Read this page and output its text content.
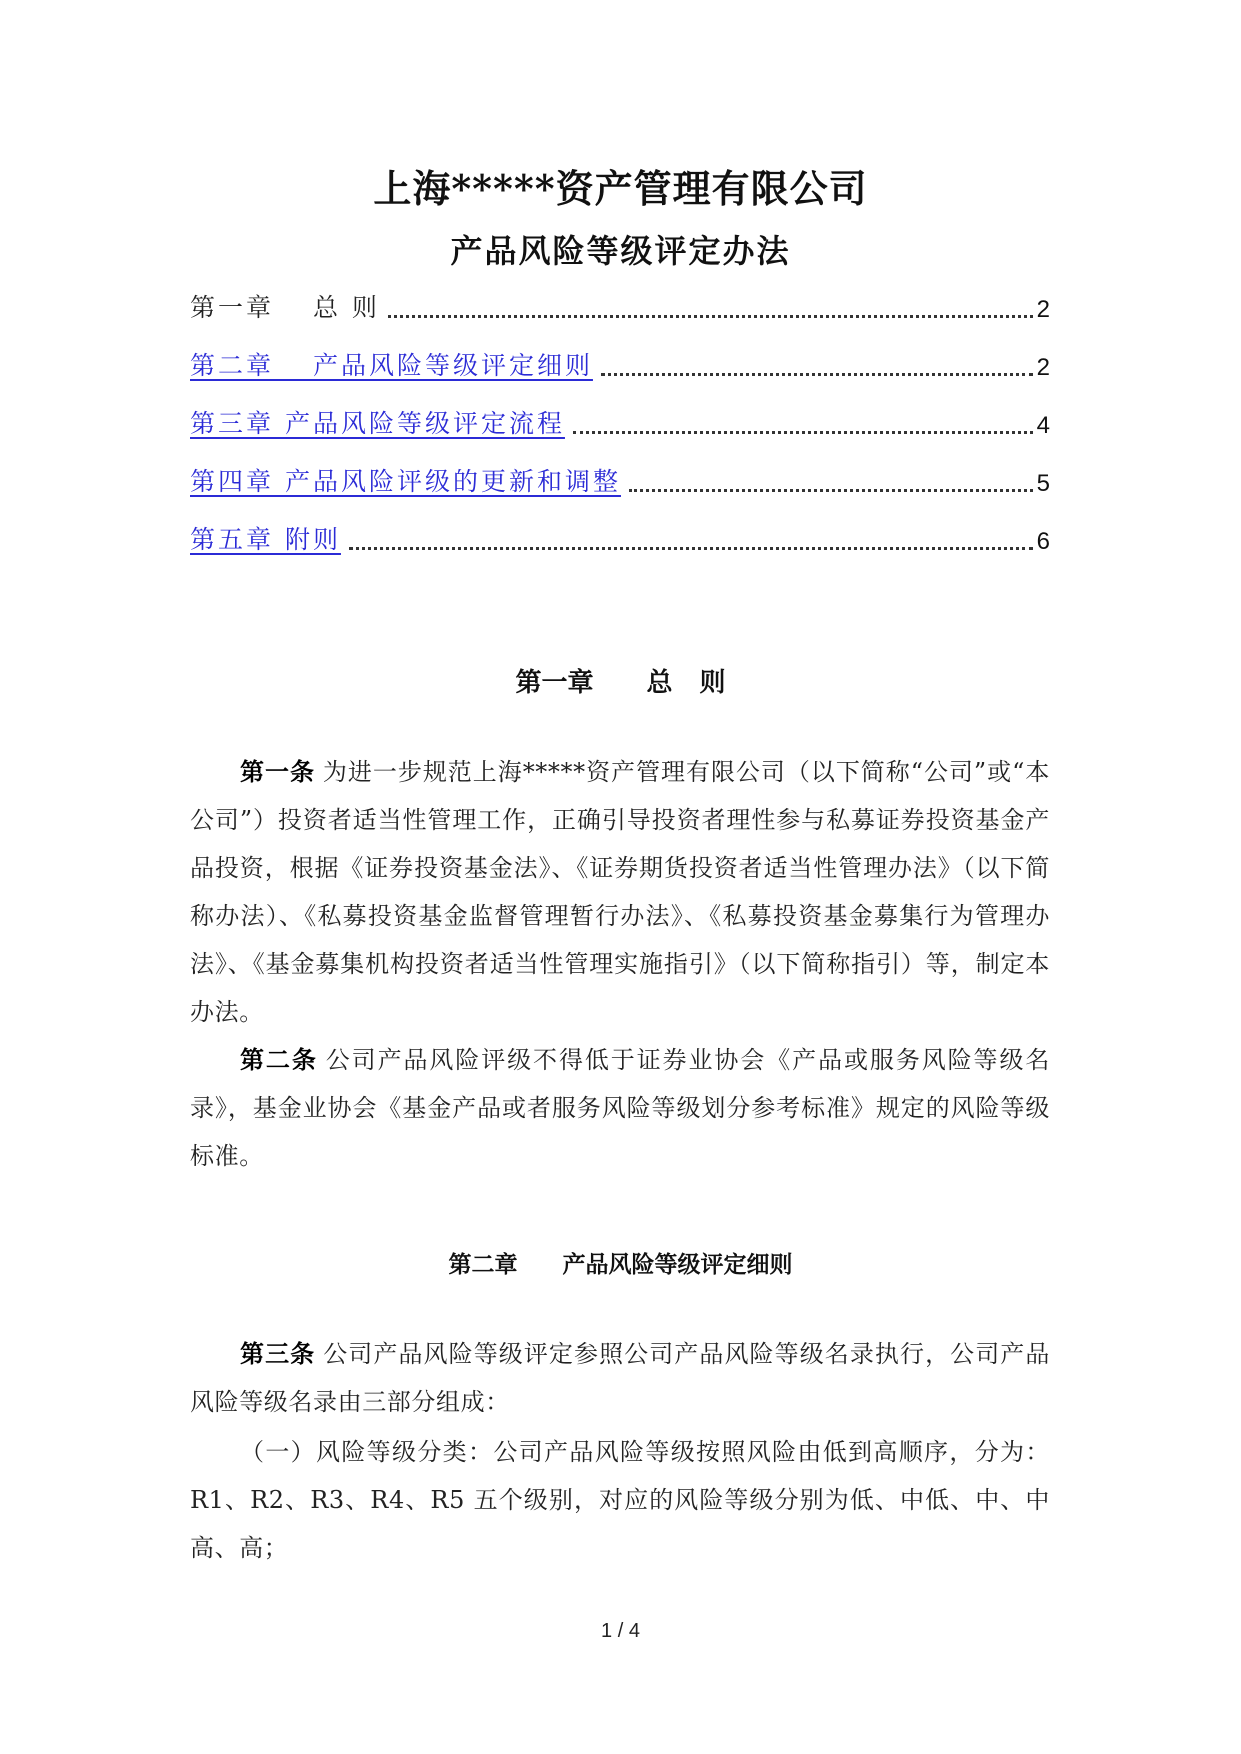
上海*****资产管理有限公司
产品风险等级评定办法
第一章　 总 则	2
第二章　 产品风险等级评定细则	2
第三章 产品风险等级评定流程	4
第四章 产品风险评级的更新和调整	5
第五章 附则	6
第一章　 总 则
第一条 为进一步规范上海*****资产管理有限公司（以下简称“公司”或“本公司”）投资者适当性管理工作，正确引导投资者理性参与私募证券投资基金产品投资，根据《证券投资基金法》、《证券期货投资者适当性管理办法》（以下简称办法）、《私募投资基金监督管理暂行办法》、《私募投资基金募集行为管理办法》、《基金募集机构投资者适当性管理实施指引》（以下简称指引）等，制定本办法。
第二条 公司产品风险评级不得低于证券业协会《产品或服务风险等级名录》，基金业协会《基金产品或者服务风险等级划分参考标准》规定的风险等级标准。
第二章　 产品风险等级评定细则
第三条 公司产品风险等级评定参照公司产品风险等级名录执行，公司产品风险等级名录由三部分组成：
（一）风险等级分类：公司产品风险等级按照风险由低到高顺序，分为：R1、R2、R3、R4、R5 五个级别，对应的风险等级分别为低、中低、中、中高、高；
1 / 4
